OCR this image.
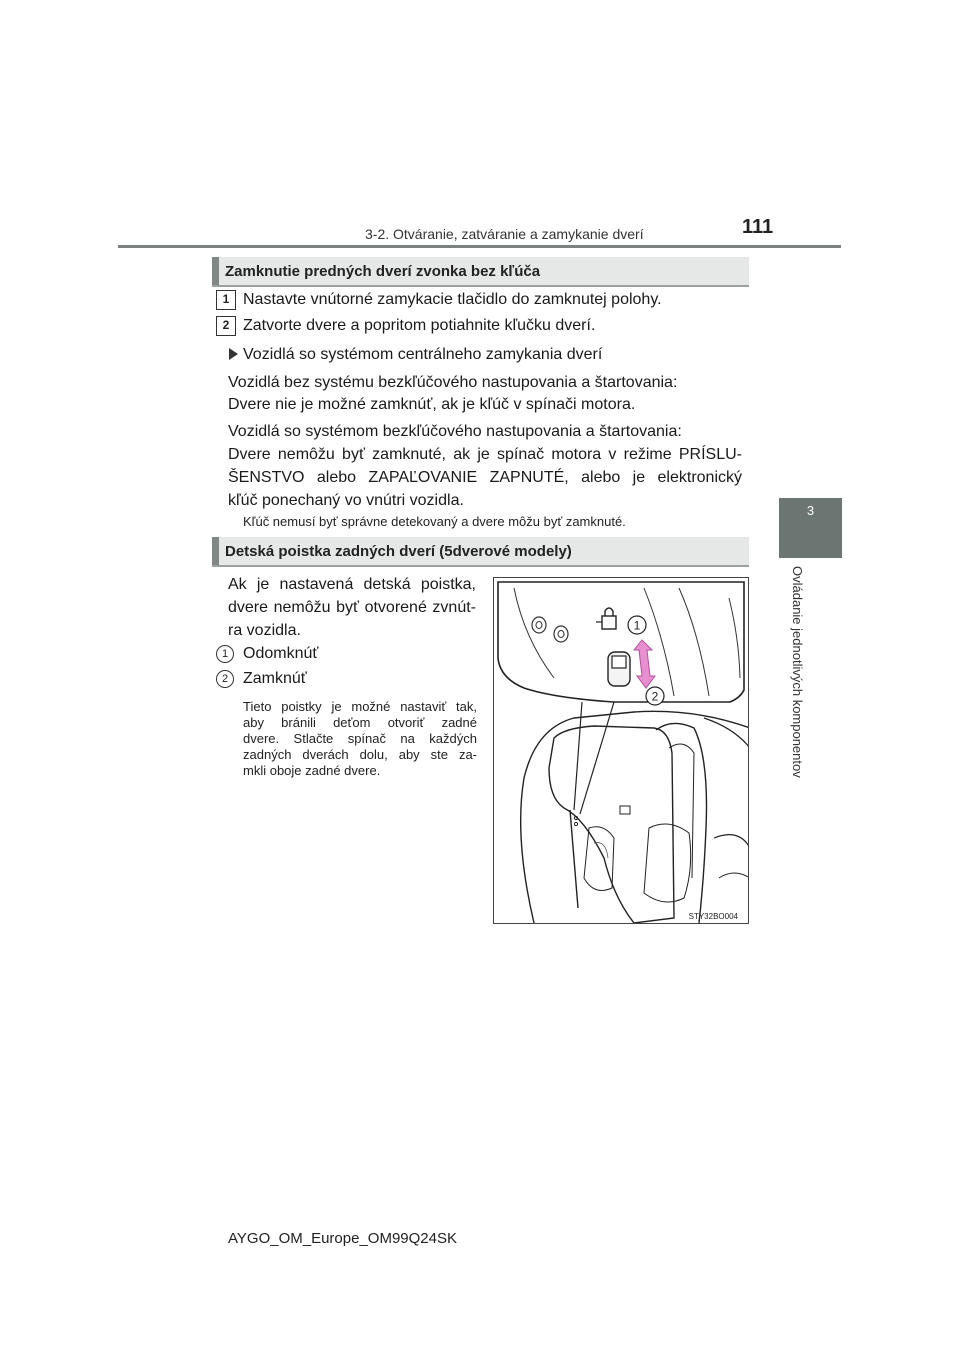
3-2. Otváranie, zatváranie a zamykanie dverí	111
3
Ovládanie jednotlivých komponentov
Zamknutie predných dverí zvonka bez kľúča
1 Nastavte vnútorné zamykacie tlačidlo do zamknutej polohy.
2 Zatvorte dvere a popritom potiahnite kľučku dverí.
Vozidlá so systémom centrálneho zamykania dverí
Vozidlá bez systému bezkľúčového nastupovania a štartovania:
Dvere nie je možné zamknúť, ak je kľúč v spínači motora.
Vozidlá so systémom bezkľúčového nastupovania a štartovania:
Dvere nemôžu byť zamknuté, ak je spínač motora v režime PRÍSLU-
ŠENSTVO alebo ZAPAĽOVANIE ZAPNUTÉ, alebo je elektronický
kľúč ponechaný vo vnútri vozidla.
Kľúč nemusí byť správne detekovaný a dvere môžu byť zamknuté.
Detská poistka zadných dverí (5dverové modely)
Ak je nastavená detská poistka,
dvere nemôžu byť otvorené zvnút-
ra vozidla.
1 Odomknúť
2 Zamknúť
Tieto poistky je možné nastaviť tak,
aby bránili deťom otvoriť zadné
dvere. Stlačte spínač na každých
zadných dverách dolu, aby ste za-
mkli oboje zadné dvere.
1
2
STY32BO004
AYGO_OM_Europe_OM99Q24SK
